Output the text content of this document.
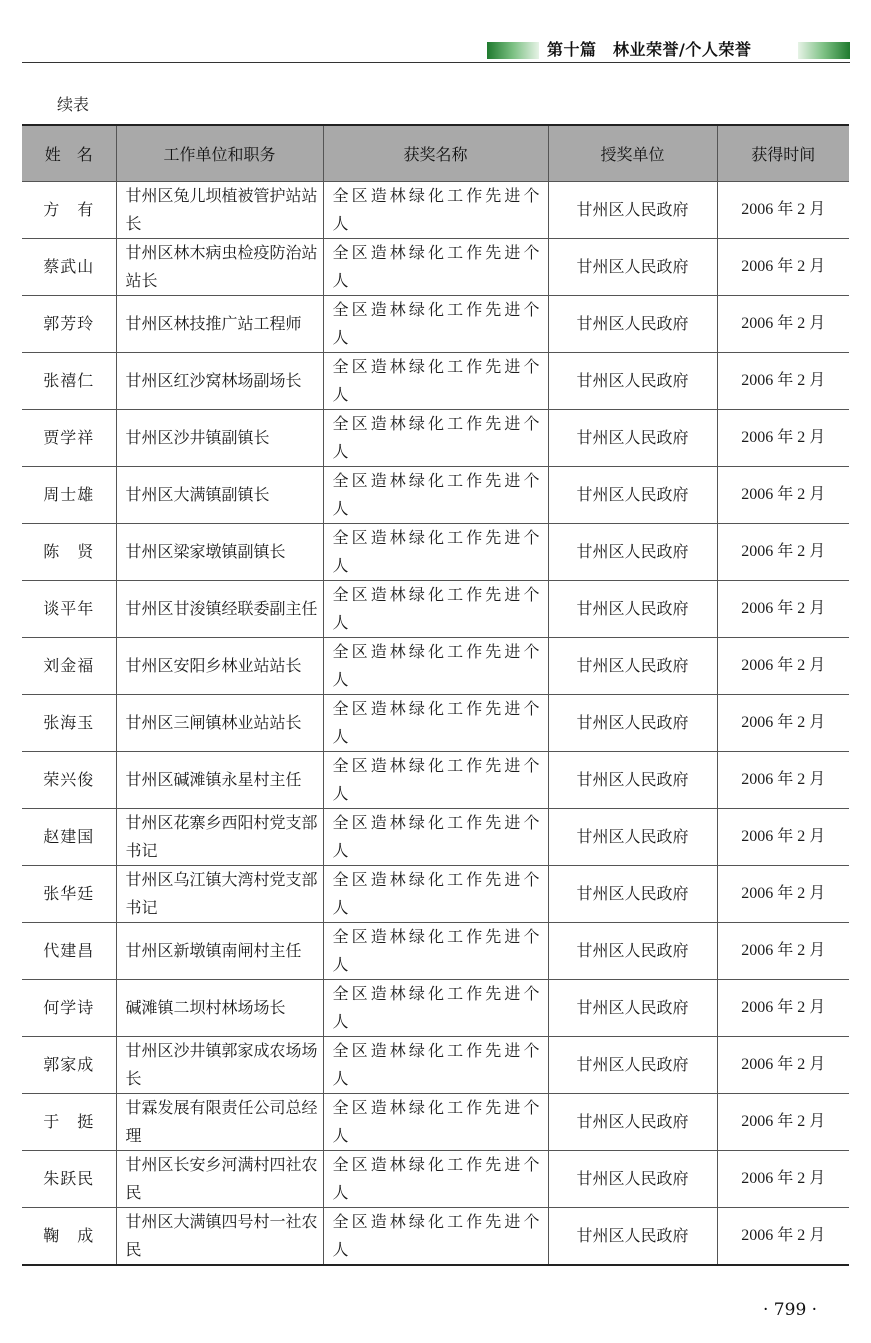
第十篇　林业荣誉/个人荣誉
续表
姓　名	工作单位和职务	获奖名称	授奖单位	获得时间
方　有	甘州区兔儿坝植被管护站站长	全区造林绿化工作先进个人	甘州区人民政府	2006 年 2 月
蔡武山	甘州区林木病虫检疫防治站站长	全区造林绿化工作先进个人	甘州区人民政府	2006 年 2 月
郭芳玲	甘州区林技推广站工程师	全区造林绿化工作先进个人	甘州区人民政府	2006 年 2 月
张禧仁	甘州区红沙窝林场副场长	全区造林绿化工作先进个人	甘州区人民政府	2006 年 2 月
贾学祥	甘州区沙井镇副镇长	全区造林绿化工作先进个人	甘州区人民政府	2006 年 2 月
周士雄	甘州区大满镇副镇长	全区造林绿化工作先进个人	甘州区人民政府	2006 年 2 月
陈　贤	甘州区梁家墩镇副镇长	全区造林绿化工作先进个人	甘州区人民政府	2006 年 2 月
谈平年	甘州区甘浚镇经联委副主任	全区造林绿化工作先进个人	甘州区人民政府	2006 年 2 月
刘金福	甘州区安阳乡林业站站长	全区造林绿化工作先进个人	甘州区人民政府	2006 年 2 月
张海玉	甘州区三闸镇林业站站长	全区造林绿化工作先进个人	甘州区人民政府	2006 年 2 月
荣兴俊	甘州区碱滩镇永星村主任	全区造林绿化工作先进个人	甘州区人民政府	2006 年 2 月
赵建国	甘州区花寨乡西阳村党支部书记	全区造林绿化工作先进个人	甘州区人民政府	2006 年 2 月
张华廷	甘州区乌江镇大湾村党支部书记	全区造林绿化工作先进个人	甘州区人民政府	2006 年 2 月
代建昌	甘州区新墩镇南闸村主任	全区造林绿化工作先进个人	甘州区人民政府	2006 年 2 月
何学诗	碱滩镇二坝村林场场长	全区造林绿化工作先进个人	甘州区人民政府	2006 年 2 月
郭家成	甘州区沙井镇郭家成农场场长	全区造林绿化工作先进个人	甘州区人民政府	2006 年 2 月
于　挺	甘霖发展有限责任公司总经理	全区造林绿化工作先进个人	甘州区人民政府	2006 年 2 月
朱跃民	甘州区长安乡河满村四社农民	全区造林绿化工作先进个人	甘州区人民政府	2006 年 2 月
鞠　成	甘州区大满镇四号村一社农民	全区造林绿化工作先进个人	甘州区人民政府	2006 年 2 月
· 799 ·
